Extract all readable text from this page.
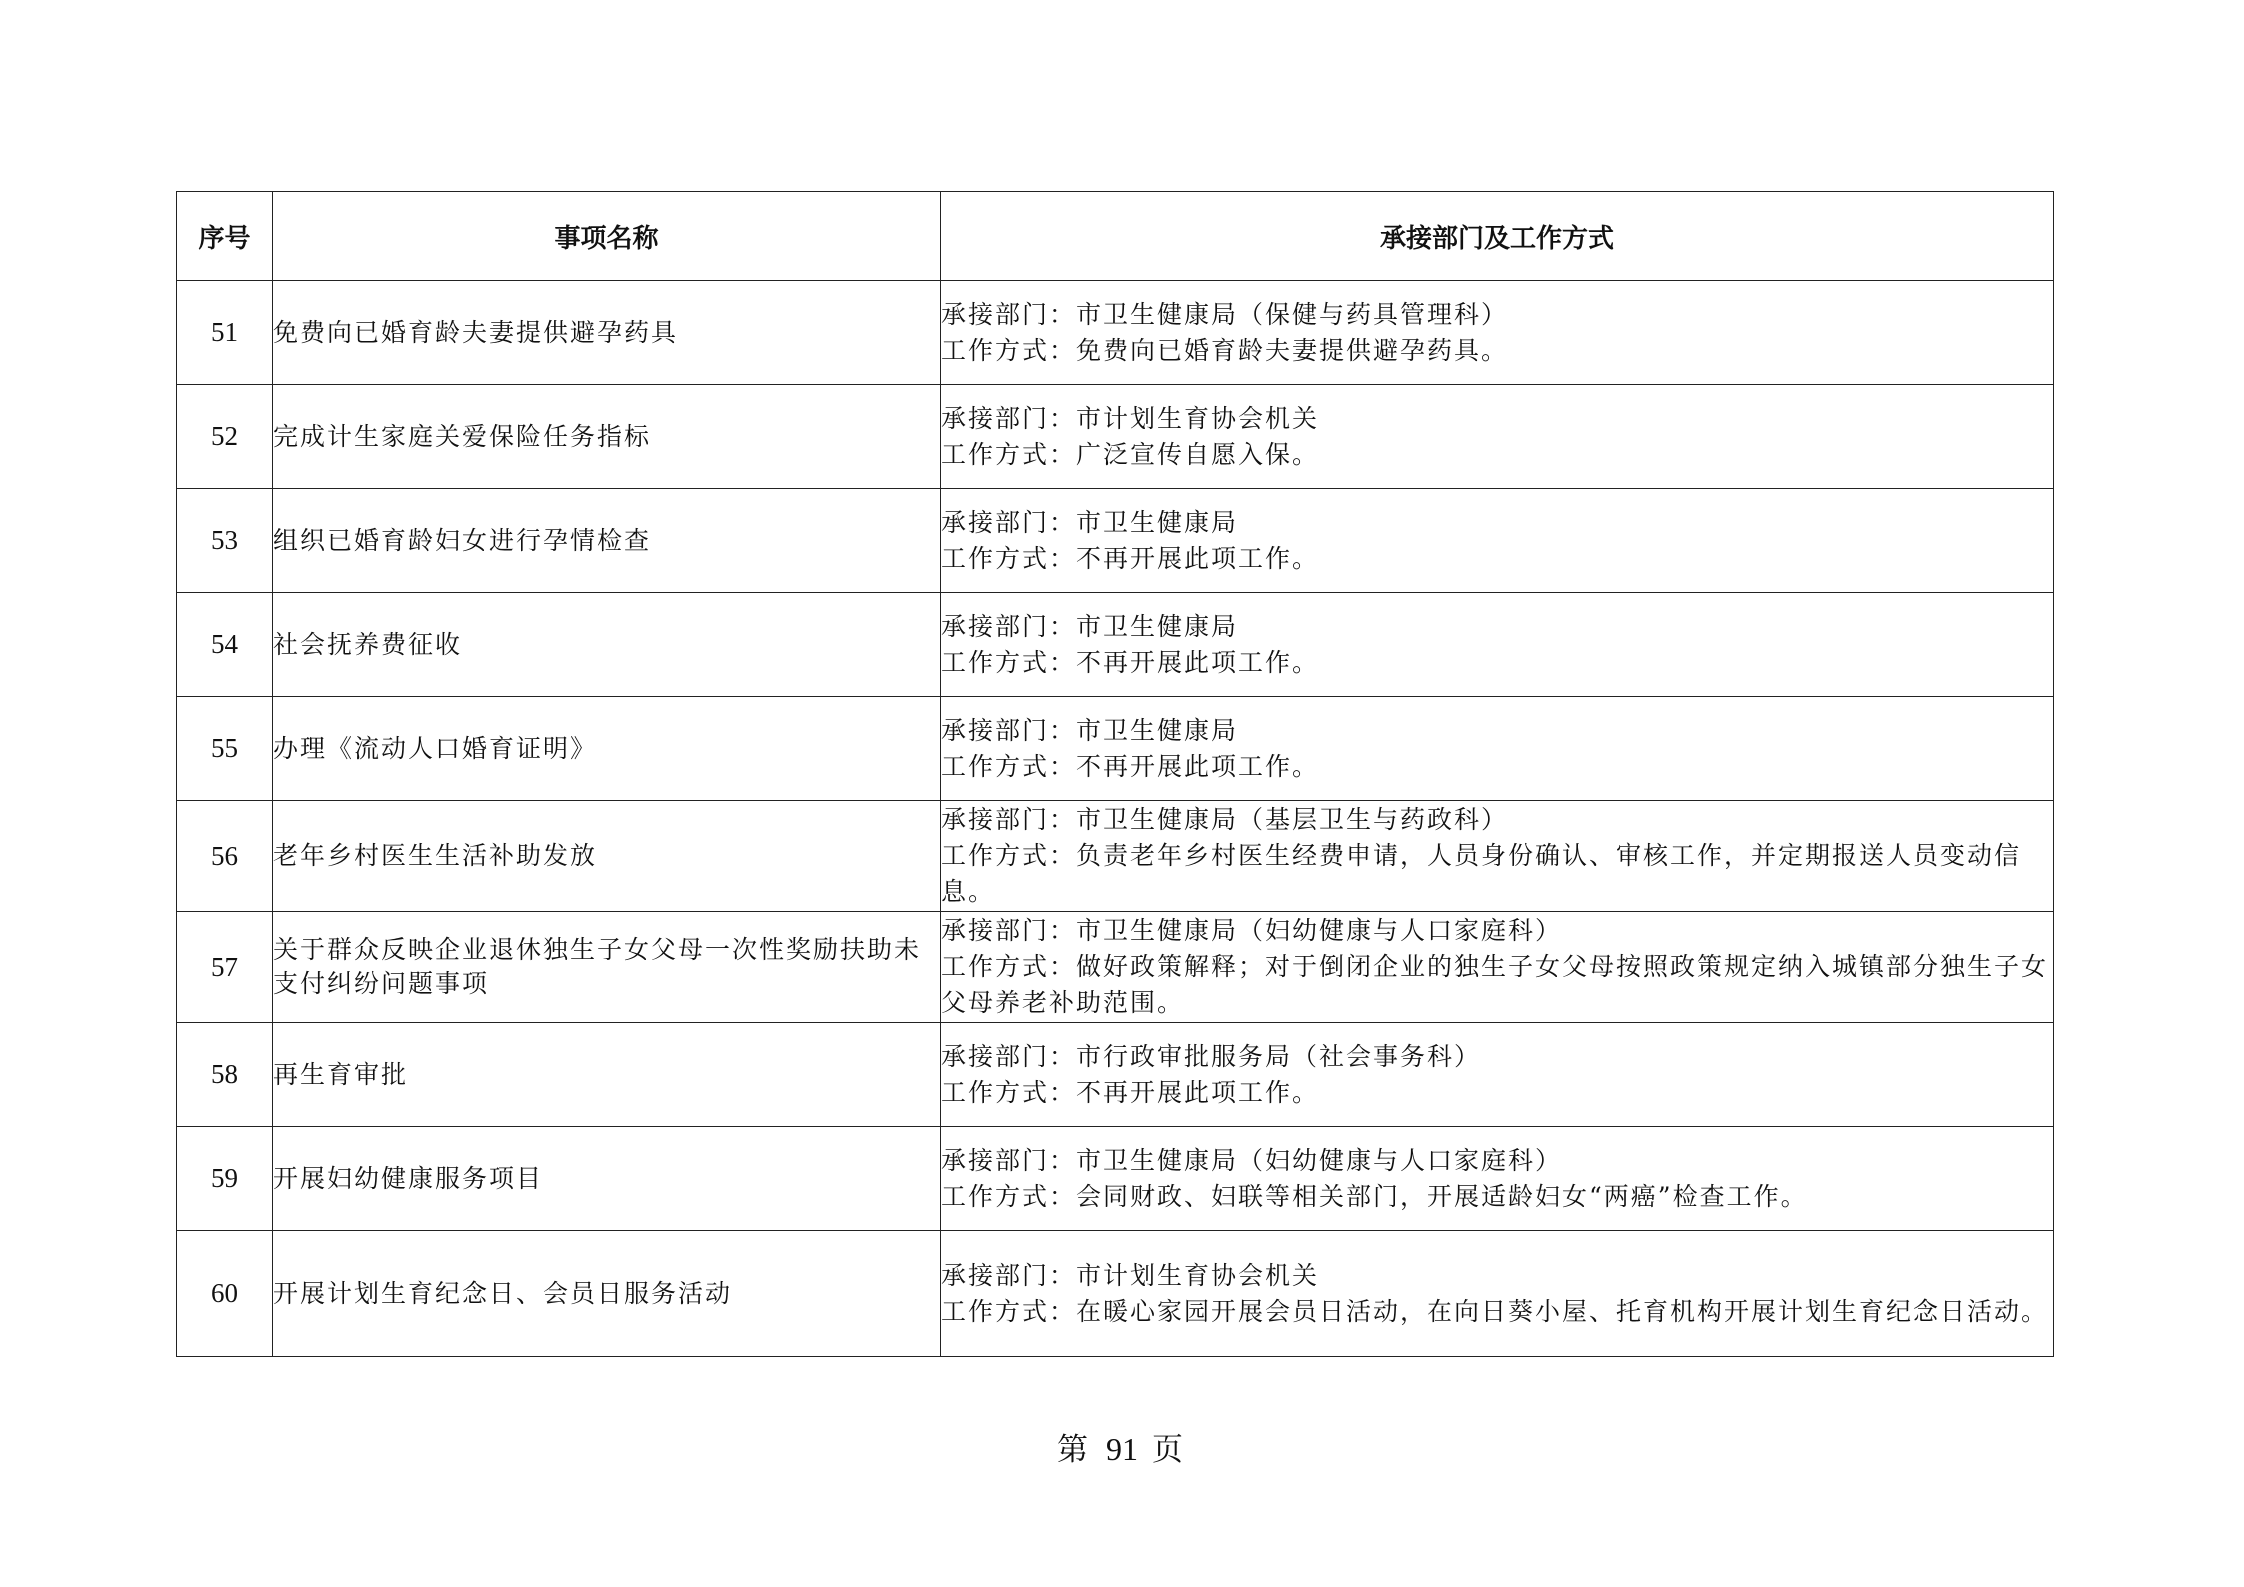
序号	事项名称	承接部门及工作方式
51	免费向已婚育龄夫妻提供避孕药具	承接部门：市卫生健康局（保健与药具管理科）
工作方式：免费向已婚育龄夫妻提供避孕药具。

52	完成计生家庭关爱保险任务指标	承接部门：市计划生育协会机关
工作方式：广泛宣传自愿入保。

53	组织已婚育龄妇女进行孕情检查	承接部门：市卫生健康局
工作方式：不再开展此项工作。

54	社会抚养费征收	承接部门：市卫生健康局
工作方式：不再开展此项工作。

55	办理《流动人口婚育证明》	承接部门：市卫生健康局
工作方式：不再开展此项工作。

56	老年乡村医生生活补助发放	承接部门：市卫生健康局（基层卫生与药政科）
工作方式：负责老年乡村医生经费申请，人员身份确认、审核工作，并定期报送人员变动信息。

57	关于群众反映企业退休独生子女父母一次性奖励扶助未支付纠纷问题事项	承接部门：市卫生健康局（妇幼健康与人口家庭科）
工作方式：做好政策解释；对于倒闭企业的独生子女父母按照政策规定纳入城镇部分独生子女父母养老补助范围。

58	再生育审批	承接部门：市行政审批服务局（社会事务科）
工作方式：不再开展此项工作。

59	开展妇幼健康服务项目	承接部门：市卫生健康局（妇幼健康与人口家庭科）
工作方式：会同财政、妇联等相关部门，开展适龄妇女“两癌”检查工作。

60	开展计划生育纪念日、会员日服务活动	承接部门：市计划生育协会机关
工作方式：在暖心家园开展会员日活动，在向日葵小屋、托育机构开展计划生育纪念日活动。
第 91 页
